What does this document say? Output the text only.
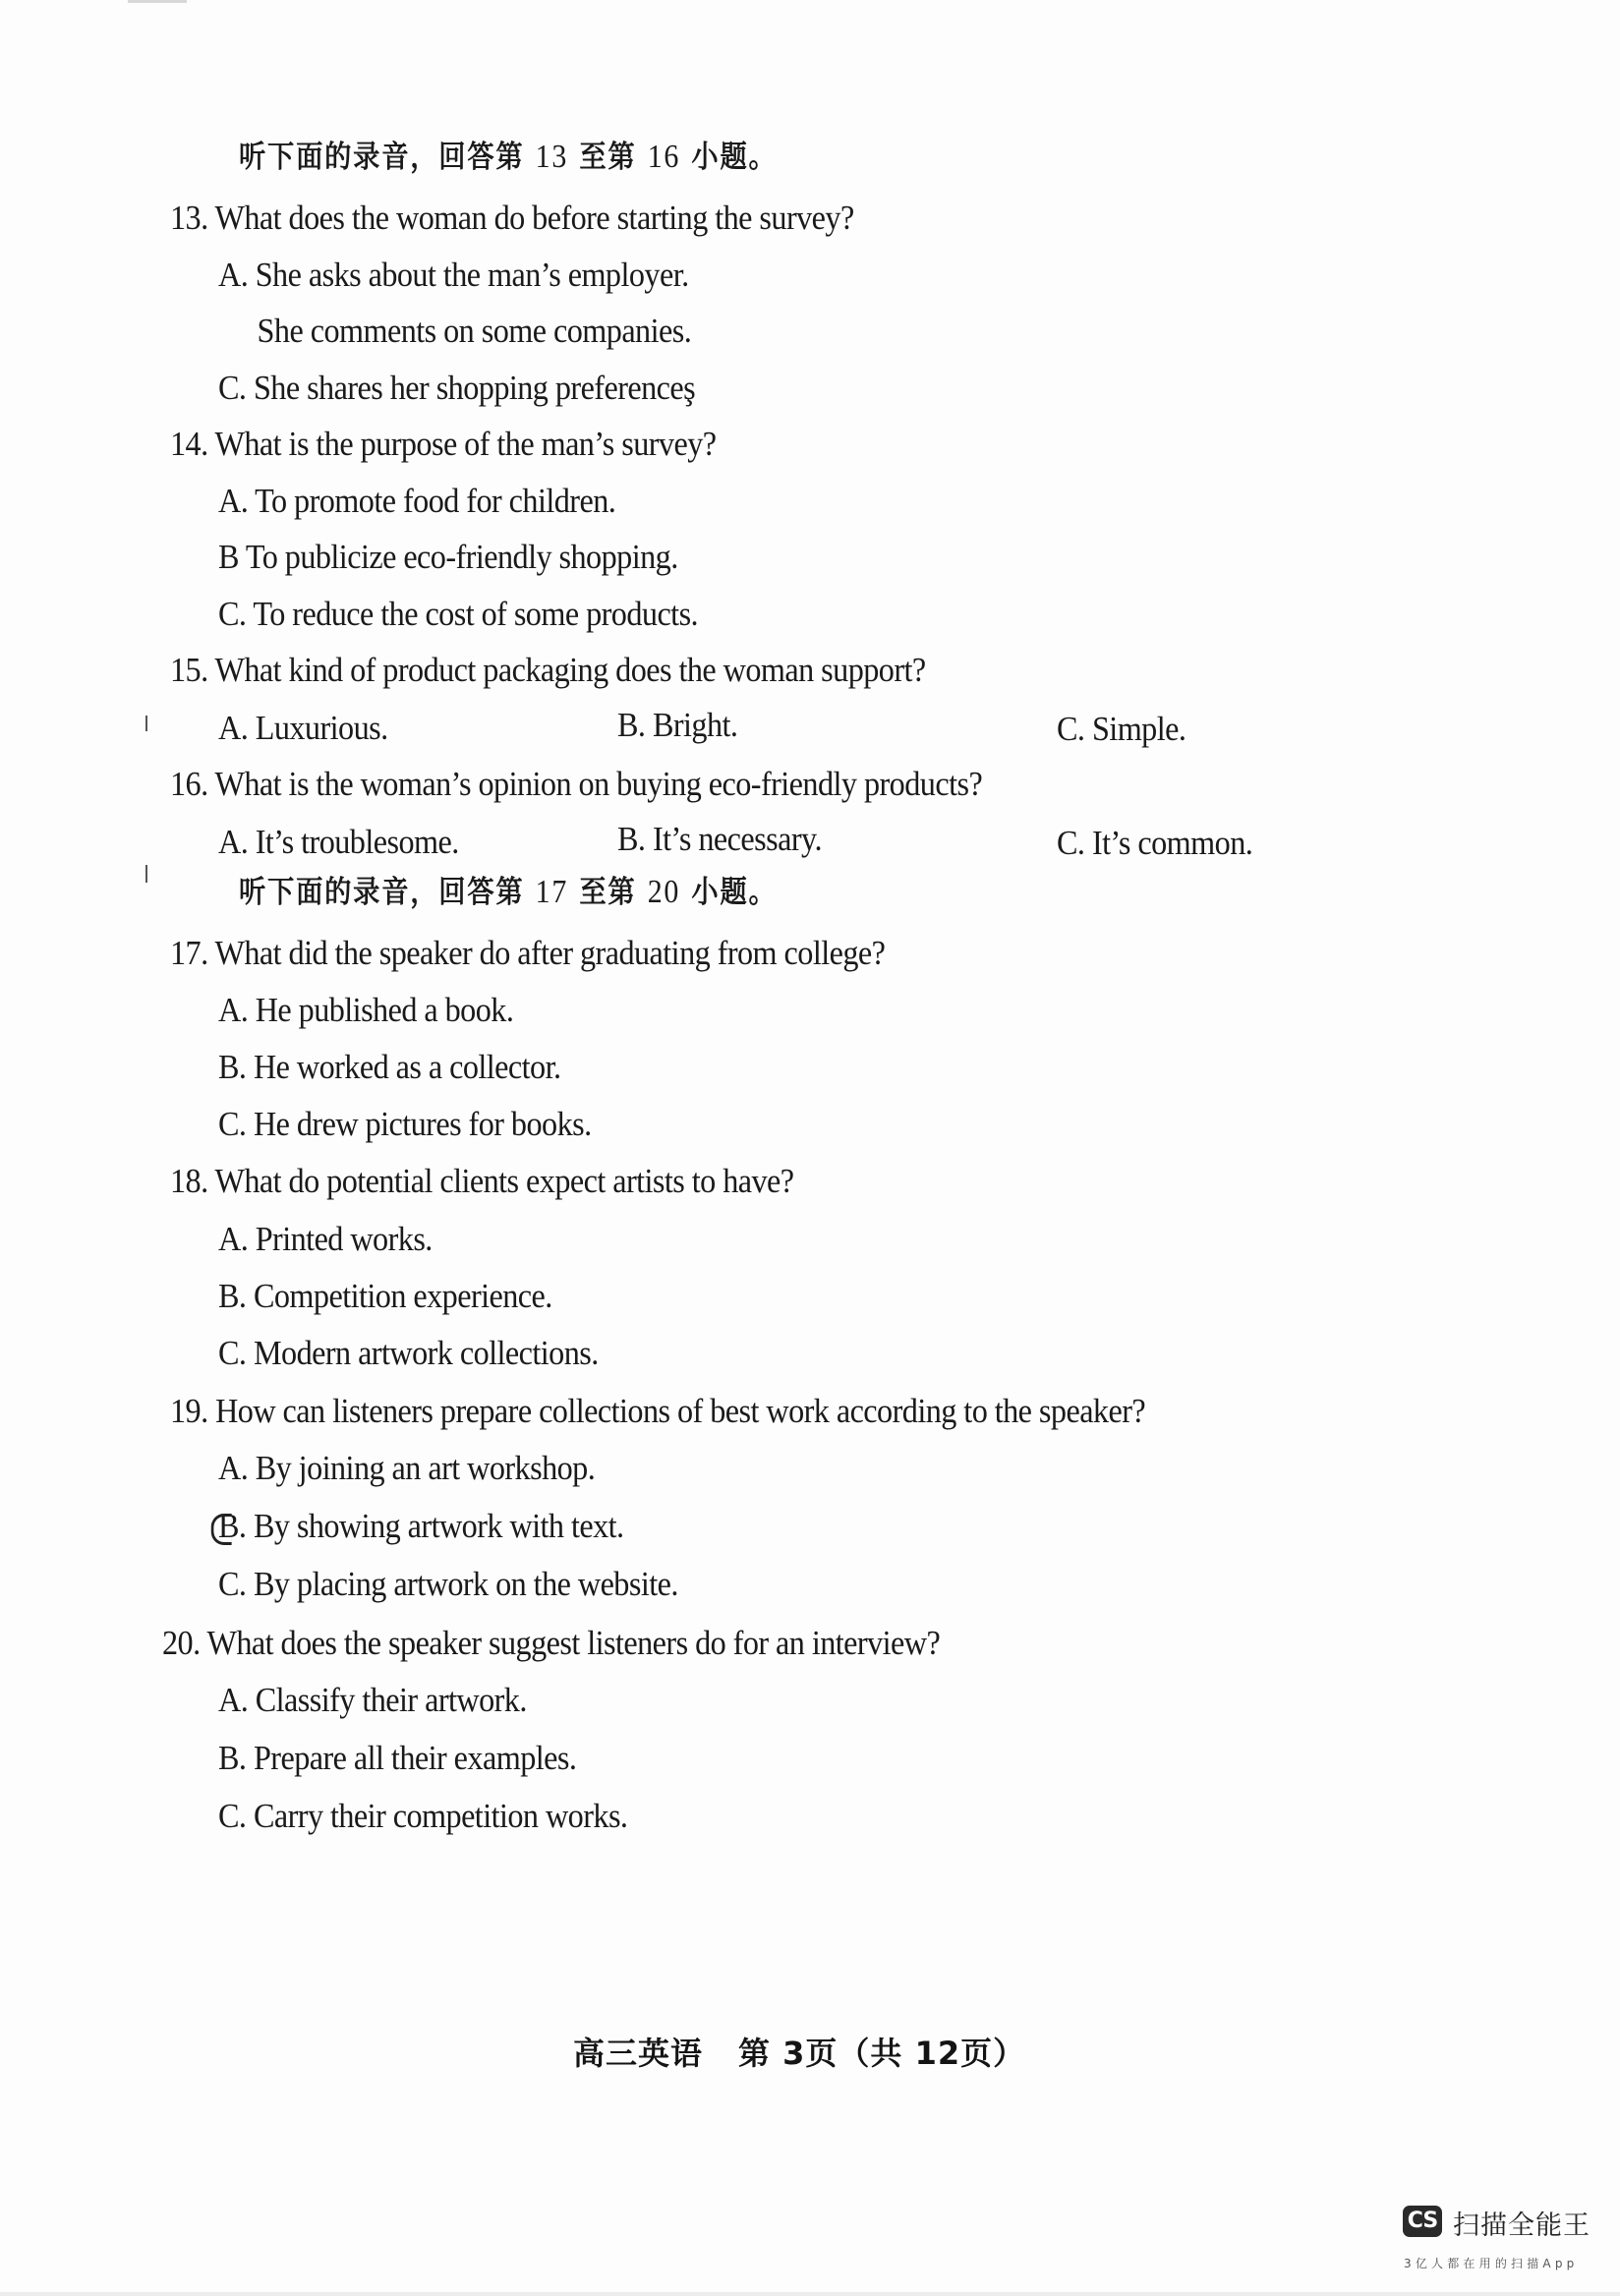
听下面的录音，回答第 13 至第 16 小题。
13. What does the woman do before starting the survey?
A. She asks about the man’s employer.
She comments on some companies.
C. She shares her shopping preferenceş
14. What is the purpose of the man’s survey?
A. To promote food for children.
B To publicize eco-friendly shopping.
C. To reduce the cost of some products.
15. What kind of product packaging does the woman support?
A. Luxurious.	B. Bright.	C. Simple.
16. What is the woman’s opinion on buying eco-friendly products?
A. It’s troublesome.	B. It’s necessary.	C. It’s common.
听下面的录音，回答第 17 至第 20 小题。
17. What did the speaker do after graduating from college?
A. He published a book.
B. He worked as a collector.
C. He drew pictures for books.
18. What do potential clients expect artists to have?
A. Printed works.
B. Competition experience.
C. Modern artwork collections.
19. How can listeners prepare collections of best work according to the speaker?
A. By joining an art workshop.
B. By showing artwork with text.
C. By placing artwork on the website.
20. What does the speaker suggest listeners do for an interview?
A. Classify their artwork.
B. Prepare all their examples.
C. Carry their competition works.
高三英语 第 3页（共 12页）
CS 扫描全能王
3亿人都在用的扫描App
